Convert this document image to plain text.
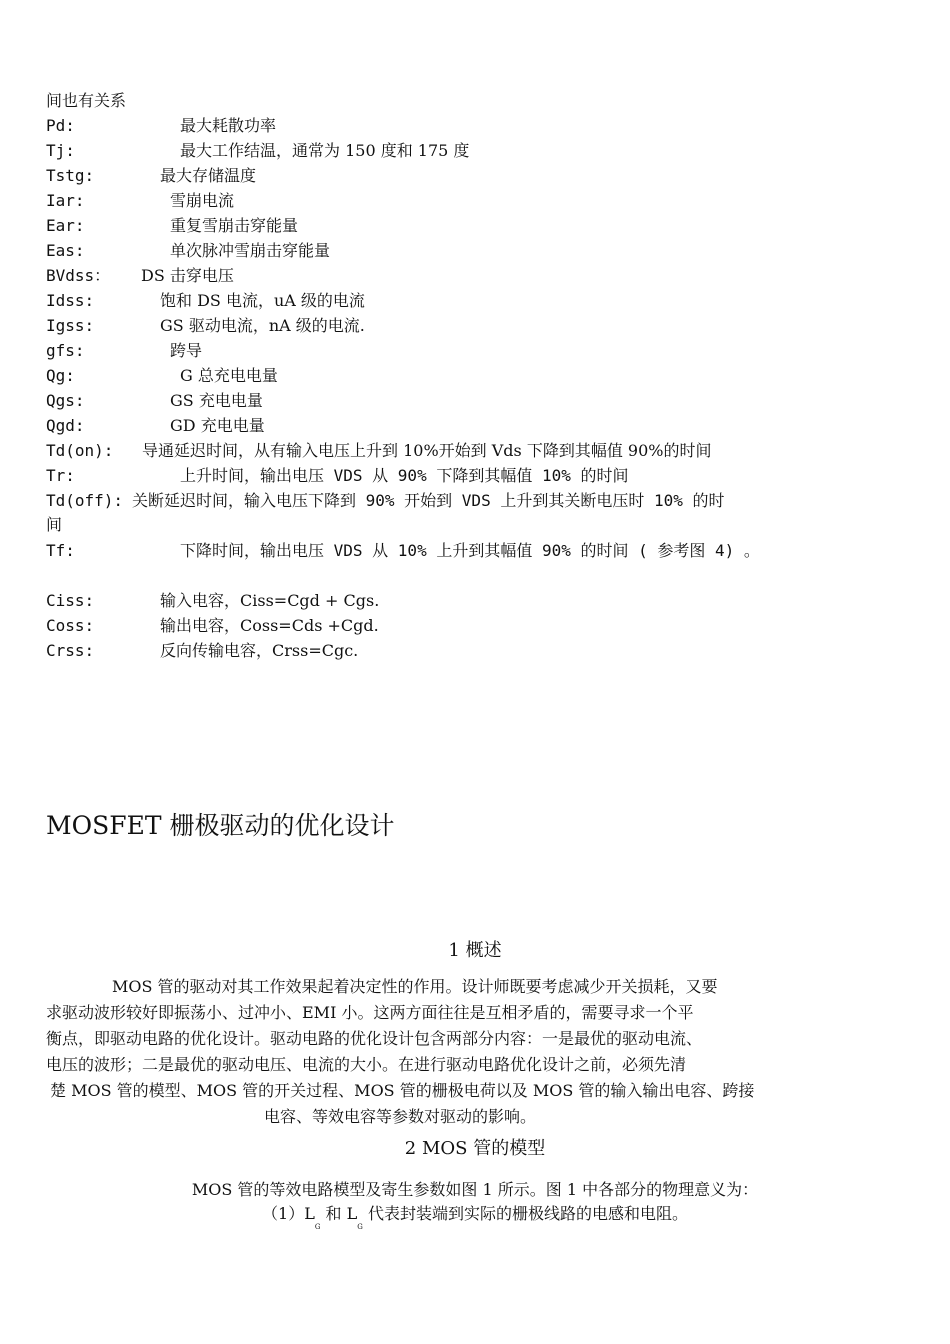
间也有关系
Pd:	最大耗散功率
Tj:	最大工作结温，通常为 150 度和 175 度
Tstg:	最大存储温度
Iar:	雪崩电流
Ear:	重复雪崩击穿能量
Eas:	单次脉冲雪崩击穿能量
BVdss： DS 击穿电压
Idss:	饱和 DS 电流，uA 级的电流
Igss:	GS 驱动电流，nA 级的电流.
gfs:	跨导
Qg:	G 总充电电量
Qgs:	GS 充电电量
Qgd:	GD 充电电量
Td(on): 导通延迟时间，从有输入电压上升到 10%开始到 Vds 下降到其幅值 90%的时间
Tr:	上升时间，输出电压 VDS 从 90% 下降到其幅值 10% 的时间
Td(off): 关断延迟时间，输入电压下降到 90% 开始到 VDS 上升到其关断电压时 10% 的时
间
Tf:	下降时间，输出电压 VDS 从 10% 上升到其幅值 90% 的时间 ( 参考图 4) 。
Ciss:	输入电容，Ciss=Cgd + Cgs.
Coss:	输出电容，Coss=Cds +Cgd.
Crss:	反向传输电容，Crss=Cgc.
MOSFET 栅极驱动的优化设计
1 概述
MOS 管的驱动对其工作效果起着决定性的作用。设计师既要考虑减少开关损耗，又要
求驱动波形较好即振荡小、过冲小、EMI 小。这两方面往往是互相矛盾的，需要寻求一个平
衡点，即驱动电路的优化设计。驱动电路的优化设计包含两部分内容：一是最优的驱动电流、
电压的波形；二是最优的驱动电压、电流的大小。在进行驱动电路优化设计之前，必须先清
楚 MOS 管的模型、MOS 管的开关过程、MOS 管的栅极电荷以及 MOS 管的输入输出电容、跨接
电容、等效电容等参数对驱动的影响。
2 MOS 管的模型
MOS 管的等效电路模型及寄生参数如图 1 所示。图 1 中各部分的物理意义为：
$(1)L_G$ 和 $L_G$ 代表封装端到实际的栅极线路的电感和电阻。
